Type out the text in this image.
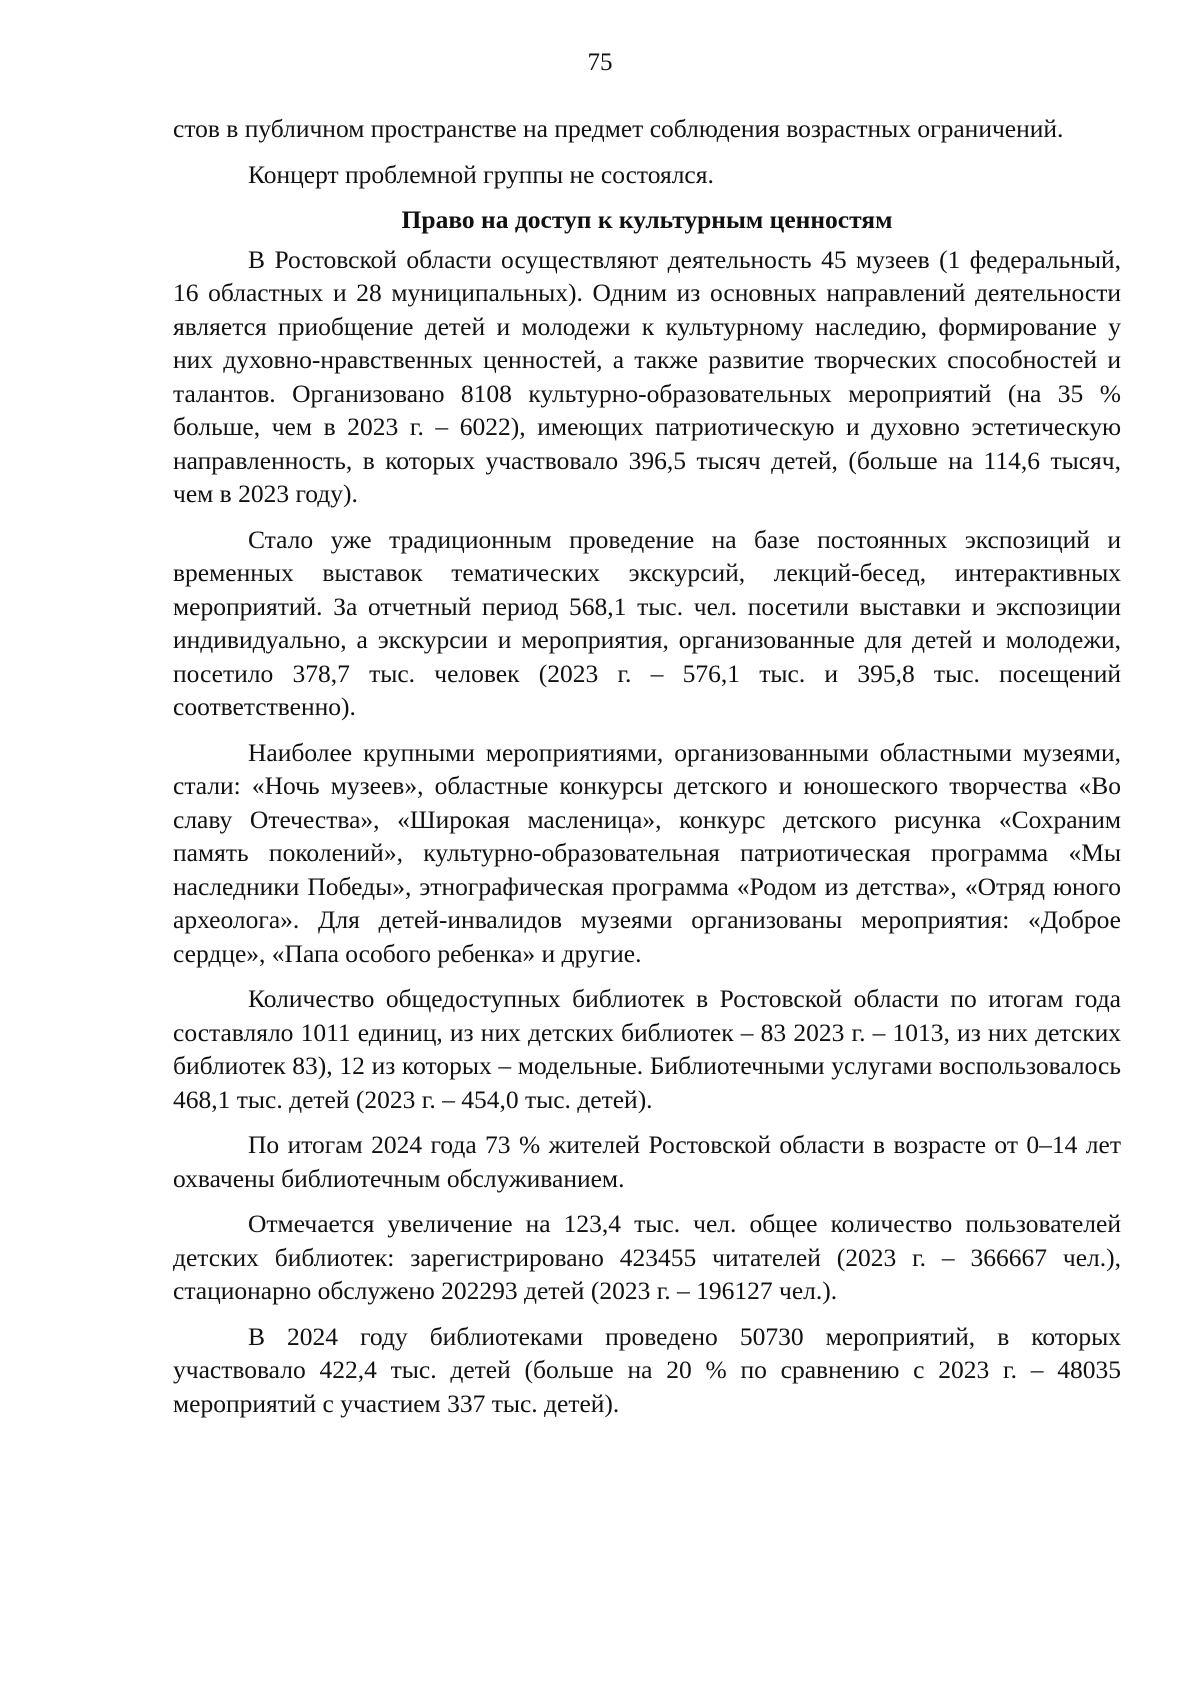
75

стов в публичном пространстве на предмет соблюдения возрастных ограничений.

Концерт проблемной группы не состоялся.

Право на доступ к культурным ценностям

В Ростовской области осуществляют деятельность 45 музеев (1 федеральный, 16 областных и 28 муниципальных). Одним из основных направлений деятельности является приобщение детей и молодежи к культурному наследию, формирование у них духовно-нравственных ценностей, а также развитие творческих способностей и талантов. Организовано 8108 культурно-образовательных мероприятий (на 35 % больше, чем в 2023 г. – 6022), имеющих патриотическую и духовно эстетическую направленность, в которых участвовало 396,5 тысяч детей, (больше на 114,6 тысяч, чем в 2023 году).

Стало уже традиционным проведение на базе постоянных экспозиций и временных выставок тематических экскурсий, лекций-бесед, интерактивных мероприятий. За отчетный период 568,1 тыс. чел. посетили выставки и экспозиции индивидуально, а экскурсии и мероприятия, организованные для детей и молодежи, посетило 378,7 тыс. человек (2023 г. – 576,1 тыс. и 395,8 тыс. посещений соответственно).

Наиболее крупными мероприятиями, организованными областными музеями, стали: «Ночь музеев», областные конкурсы детского и юношеского творчества «Во славу Отечества», «Широкая масленица», конкурс детского рисунка «Сохраним память поколений», культурно-образовательная патриотическая программа «Мы наследники Победы», этнографическая программа «Родом из детства», «Отряд юного археолога». Для детей-инвалидов музеями организованы мероприятия: «Доброе сердце», «Папа особого ребенка» и другие.

Количество общедоступных библиотек в Ростовской области по итогам года составляло 1011 единиц, из них детских библиотек – 83 2023 г. – 1013, из них детских библиотек 83), 12 из которых – модельные. Библиотечными услугами воспользовалось 468,1 тыс. детей (2023 г. – 454,0 тыс. детей).

По итогам 2024 года 73 % жителей Ростовской области в возрасте от 0–14 лет охвачены библиотечным обслуживанием.

Отмечается увеличение на 123,4 тыс. чел. общее количество пользователей детских библиотек: зарегистрировано 423455 читателей (2023 г. – 366667 чел.), стационарно обслужено 202293 детей (2023 г. – 196127 чел.).

В 2024 году библиотеками проведено 50730 мероприятий, в которых участвовало 422,4 тыс. детей (больше на 20 % по сравнению с 2023 г. – 48035 мероприятий с участием 337 тыс. детей).
